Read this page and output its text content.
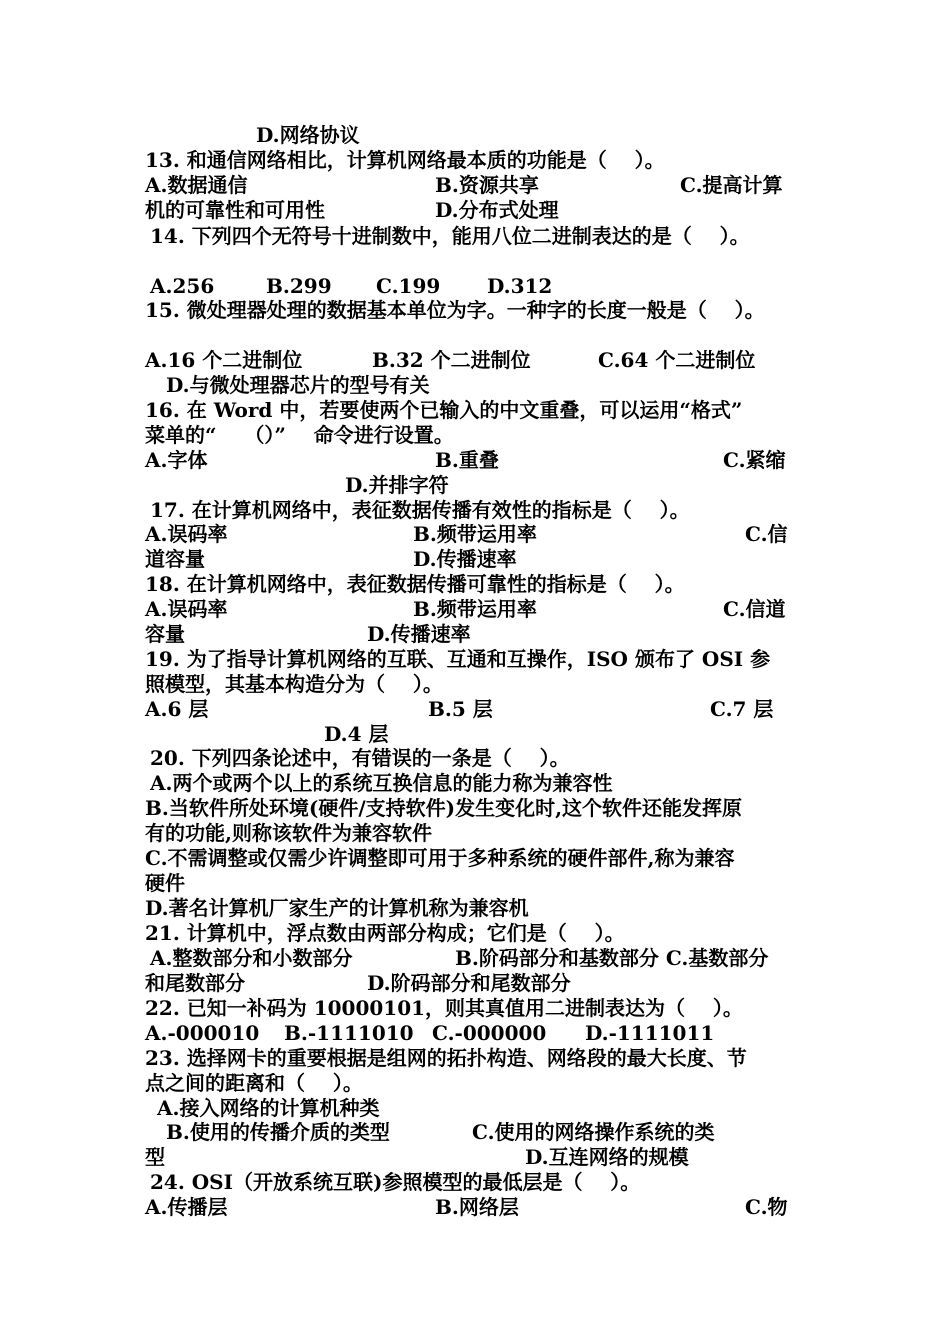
D.网络协议
13. 和通信网络相比，计算机网络最本质的功能是（    ）。
A.数据通信	B.资源共享	C.提高计算
机的可靠性和可用性	D.分布式处理
14. 下列四个无符号十进制数中，能用八位二进制表达的是（    ）。
A.256	B.299 C.199 D.312
15. 微处理器处理的数据基本单位为字。一种字的长度一般是（    ）。
A.16 个二进制位	B.32 个二进制位	C.64 个二进制位
D.与微处理器芯片的型号有关
16. 在 Word 中，若要使两个已输入的中文重叠，可以运用“格式”
菜单的“    （）”    命令进行设置。
A.字体	B.重叠	C.紧缩
D.并排字符
17. 在计算机网络中，表征数据传播有效性的指标是（    ）。
A.误码率	B.频带运用率	C.信
道容量	D.传播速率
18. 在计算机网络中，表征数据传播可靠性的指标是（    ）。
A.误码率	B.频带运用率	C.信道
容量	D.传播速率
19. 为了指导计算机网络的互联、互通和互操作，ISO 颁布了 OSI 参
照模型，其基本构造分为（    ）。
A.6 层	B.5 层	C.7 层
D.4 层
20. 下列四条论述中，有错误的一条是（    ）。
A.两个或两个以上的系统互换信息的能力称为兼容性
B.当软件所处环境(硬件/支持软件)发生变化时,这个软件还能发挥原
有的功能,则称该软件为兼容软件
C.不需调整或仅需少许调整即可用于多种系统的硬件部件,称为兼容
硬件
D.著名计算机厂家生产的计算机称为兼容机
21. 计算机中，浮点数由两部分构成；它们是（    ）。
A.整数部分和小数部分	B.阶码部分和基数部分 C.基数部分
和尾数部分	D.阶码部分和尾数部分
22. 已知一补码为 10000101，则其真值用二进制表达为（    ）。
A.-000010 B.-1111010 C.-000000 D.-1111011
23. 选择网卡的重要根据是组网的拓扑构造、网络段的最大长度、节
点之间的距离和（    ）。
A.接入网络的计算机种类
B.使用的传播介质的类型	C.使用的网络操作系统的类
型	D.互连网络的规模
24. OSI（开放系统互联)参照模型的最低层是（    ）。
A.传播层	B.网络层	C.物
